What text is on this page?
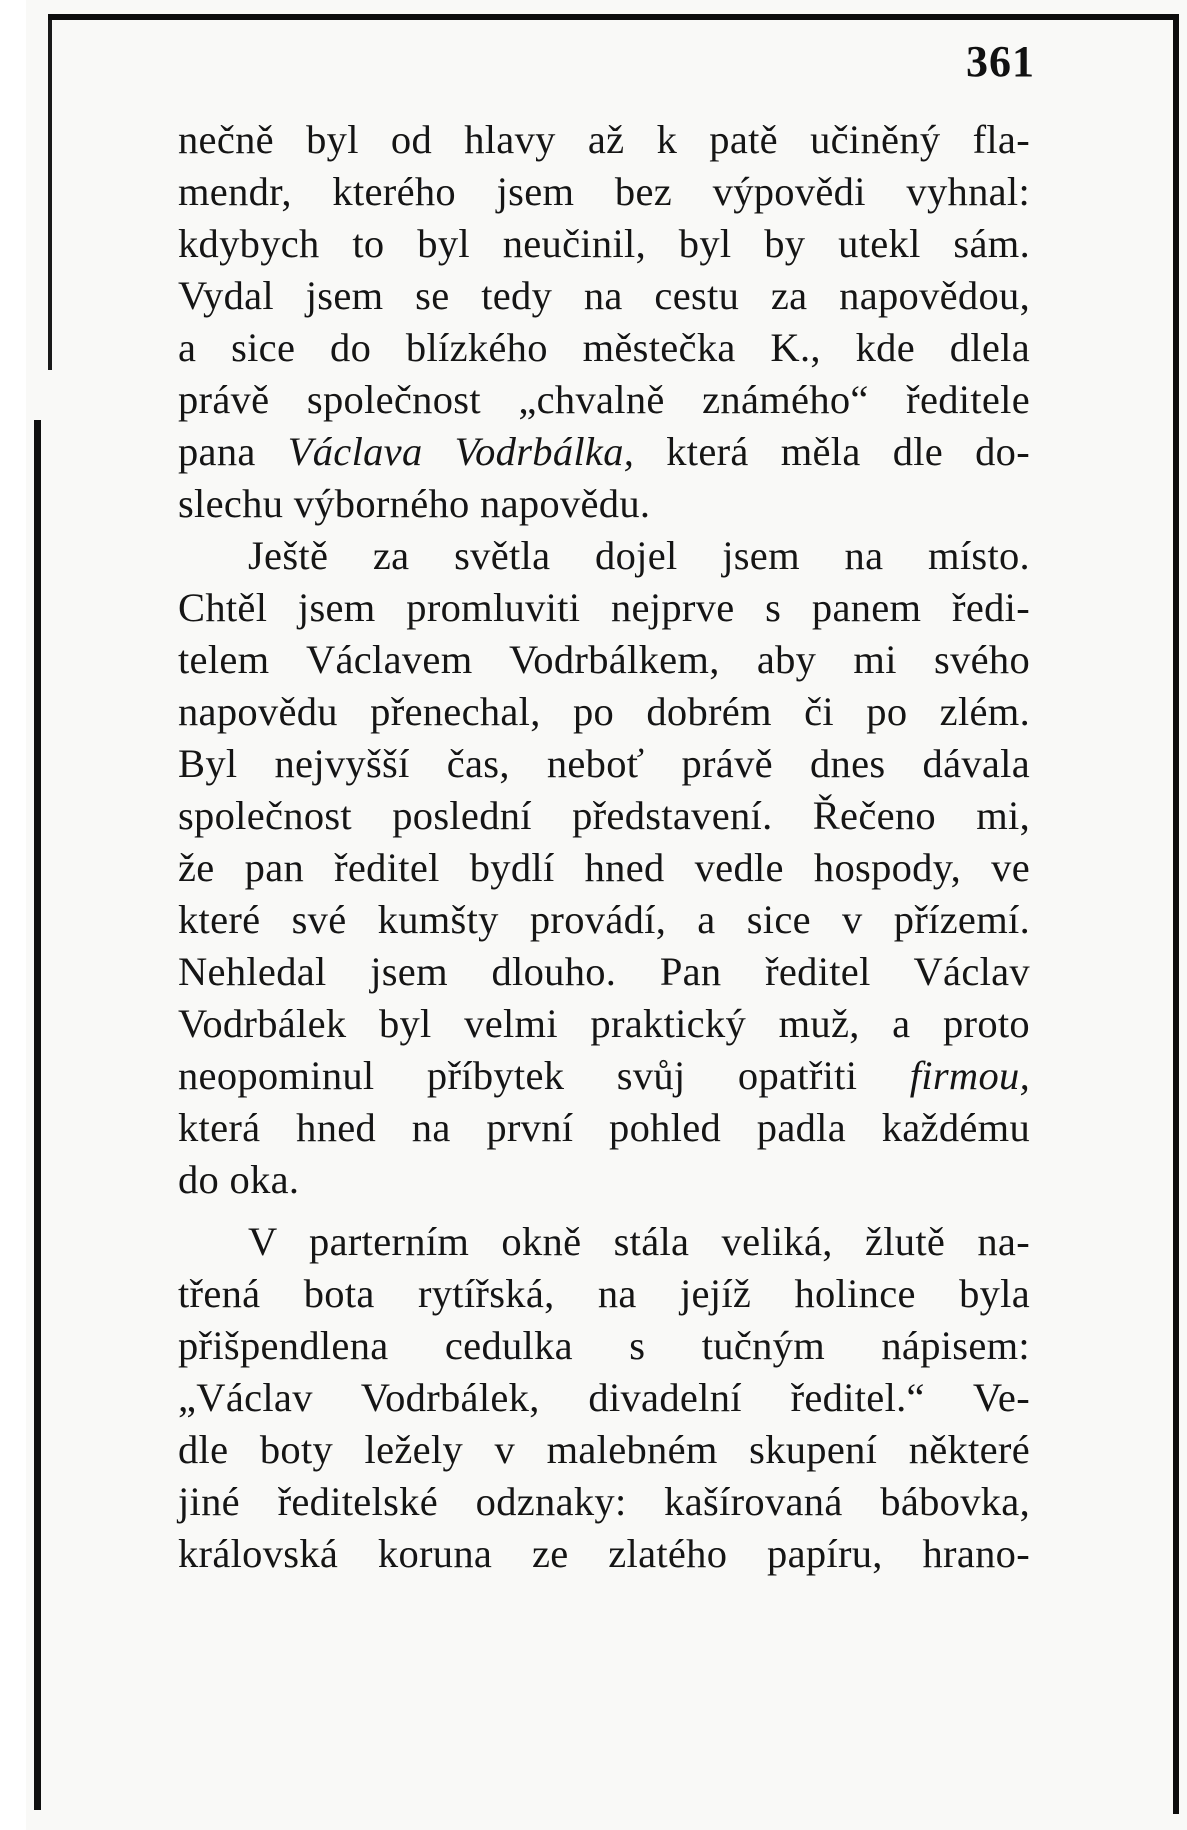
361
nečně byl od hlavy až k patě učiněný fla-
mendr, kterého jsem bez výpovědi vyhnal:
kdybych to byl neučinil, byl by utekl sám.
Vydal jsem se tedy na cestu za napovědou,
a sice do blízkého městečka K., kde dlela
právě společnost „chvalně známého“ ředitele
pana Václava Vodrbálka, která měla dle do-
slechu výborného napovědu.
Ještě za světla dojel jsem na místo.
Chtěl jsem promluviti nejprve s panem ředi-
telem Václavem Vodrbálkem, aby mi svého
napovědu přenechal, po dobrém či po zlém.
Byl nejvyšší čas, neboť právě dnes dávala
společnost poslední představení. Řečeno mi,
že pan ředitel bydlí hned vedle hospody, ve
které své kumšty provádí, a sice v přízemí.
Nehledal jsem dlouho. Pan ředitel Václav
Vodrbálek byl velmi praktický muž, a proto
neopominul příbytek svůj opatřiti firmou,
která hned na první pohled padla každému
do oka.
V parterním okně stála veliká, žlutě na-
třená bota rytířská, na jejíž holince byla
přišpendlena cedulka s tučným nápisem:
„Václav Vodrbálek, divadelní ředitel.“ Ve-
dle boty ležely v malebném skupení některé
jiné ředitelské odznaky: kašírovaná bábovka,
královská koruna ze zlatého papíru, hrano-
